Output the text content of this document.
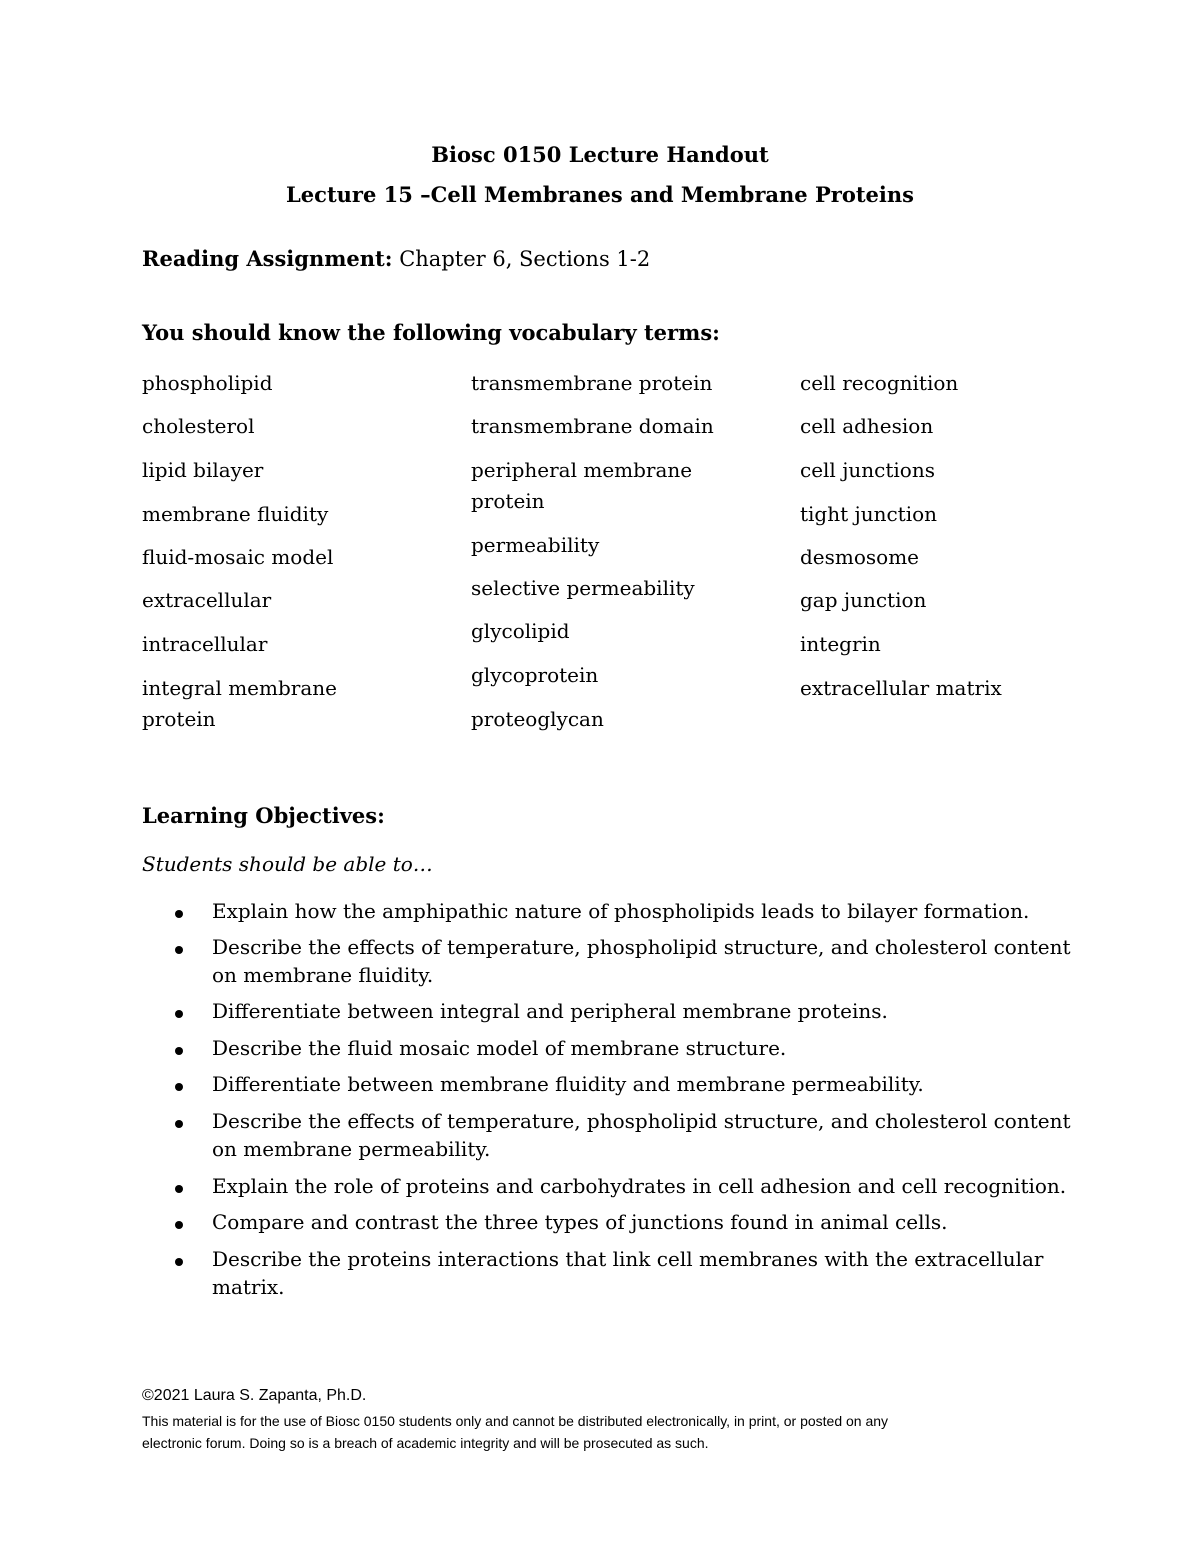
Biosc 0150 Lecture Handout
Lecture 15 –Cell Membranes and Membrane Proteins
Reading Assignment: Chapter 6, Sections 1-2
You should know the following vocabulary terms:
phospholipid
cholesterol
lipid bilayer
membrane fluidity
fluid-mosaic model
extracellular
intracellular
integral membrane
protein
transmembrane protein
transmembrane domain
peripheral membrane
protein
permeability
selective permeability
glycolipid
glycoprotein
proteoglycan
cell recognition
cell adhesion
cell junctions
tight junction
desmosome
gap junction
integrin
extracellular matrix
Learning Objectives:
Students should be able to…
Explain how the amphipathic nature of phospholipids leads to bilayer formation.
Describe the effects of temperature, phospholipid structure, and cholesterol content
on membrane fluidity.
Differentiate between integral and peripheral membrane proteins.
Describe the fluid mosaic model of membrane structure.
Differentiate between membrane fluidity and membrane permeability.
Describe the effects of temperature, phospholipid structure, and cholesterol content
on membrane permeability.
Explain the role of proteins and carbohydrates in cell adhesion and cell recognition.
Compare and contrast the three types of junctions found in animal cells.
Describe the proteins interactions that link cell membranes with the extracellular
matrix.
©2021 Laura S. Zapanta, Ph.D.
This material is for the use of Biosc 0150 students only and cannot be distributed electronically, in print, or posted on any
electronic forum. Doing so is a breach of academic integrity and will be prosecuted as such.
